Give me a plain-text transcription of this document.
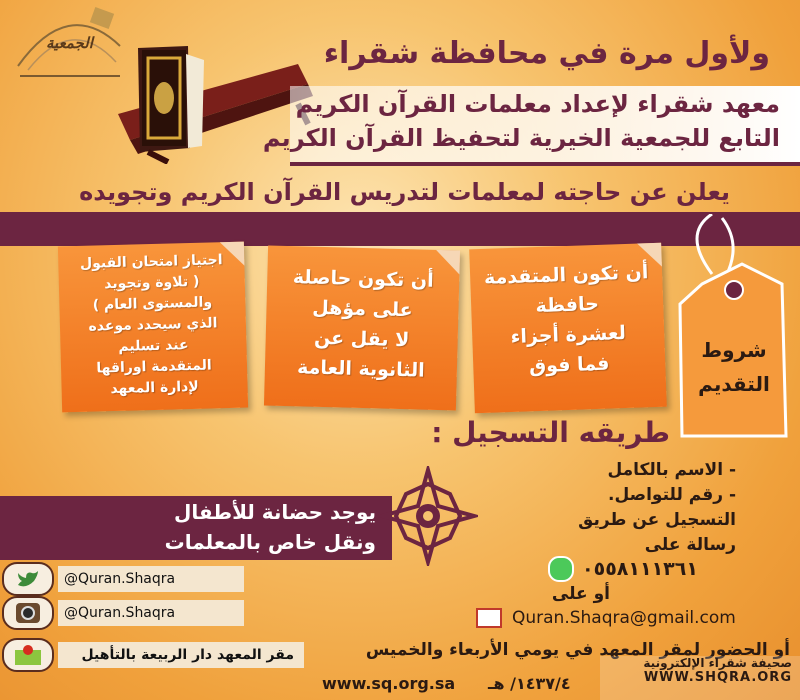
الجمعية	ولأول مرة في محافظة شقراء
معهد شقراء لإعداد معلمات القرآن الكريم
التابع للجمعية الخيرية لتحفيظ القرآن الكريم
يعلن عن حاجته لمعلمات لتدريس القرآن الكريم وتجويده

أن تكون المتقدمة
حافظة
لعشرة أجزاء
فما فوق

أن تكون حاصلة
على مؤهل
لا يقل عن
الثانوية العامة

اجتياز امتحان القبول
( تلاوة وتجويد
والمستوى العام )
الذي سيحدد موعده
عند تسليم
المتقدمة اوراقها
لإدارة المعهد

شروط
التقديم
طريقه التسجيل :
- الاسم بالكامل
- رقم للتواصل.
التسجيل عن طريق
رسالة على
٠٥٥٨١١١٣٦١
أو على
Quran.Shaqra@gmail.com
أو الحضور لمقر المعهد في يومي الأربعاء والخميس
يوجد حضانة للأطفال
ونقل خاص بالمعلمات
@Quran.Shaqra
@Quran.Shaqra
مقر المعهد دار الربيعة بالتأهيل
www.sq.org.sa ١٤٣٧/٤/ هـ
صحيفة شقراء الإلكترونية
WWW.SHQRA.ORG
